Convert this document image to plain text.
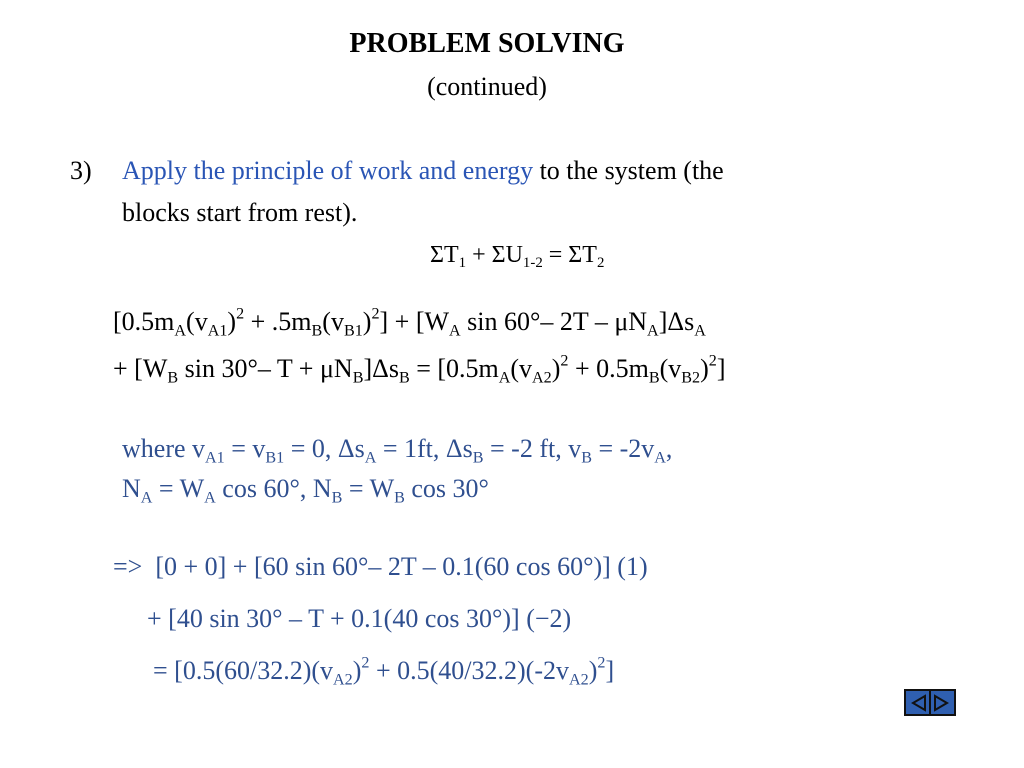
PROBLEM SOLVING
(continued)
3) Apply the principle of work and energy to the system (the
blocks start from rest).
$\Sigma T_1 + \Sigma U_{1-2} = \Sigma T_2$
$[0.5m_A(v_{A1})^2 + .5m_B(v_{B1})^2] + [W_A$ sin 60°– $2T - \mu N_A]\Delta s_A$
+ [$W_B$ sin 30°– $T + \mu N_B]\Delta s_B = [0.5m_A(v_{A2})^2 + 0.5m_B(v_{B2})^2]$
where $v_{A1} = v_{B1} = 0$, $\Delta s_A = 1ft$, $\Delta s_B = -2$ ft, $v_B = -2v_A$,
$N_A = W_A$ cos 60°, $N_B = W_B$ cos 30°
=>  [0 + 0] + [60 sin 60°– 2T – 0.1(60 cos 60°)] (1)
+ [40 sin 30° – T + 0.1(40 cos 30°)] (−2)
= $[0.5(60/32.2)(v_{A2})^2 + 0.5(40/32.2)(-2v_{A2})^2]$
